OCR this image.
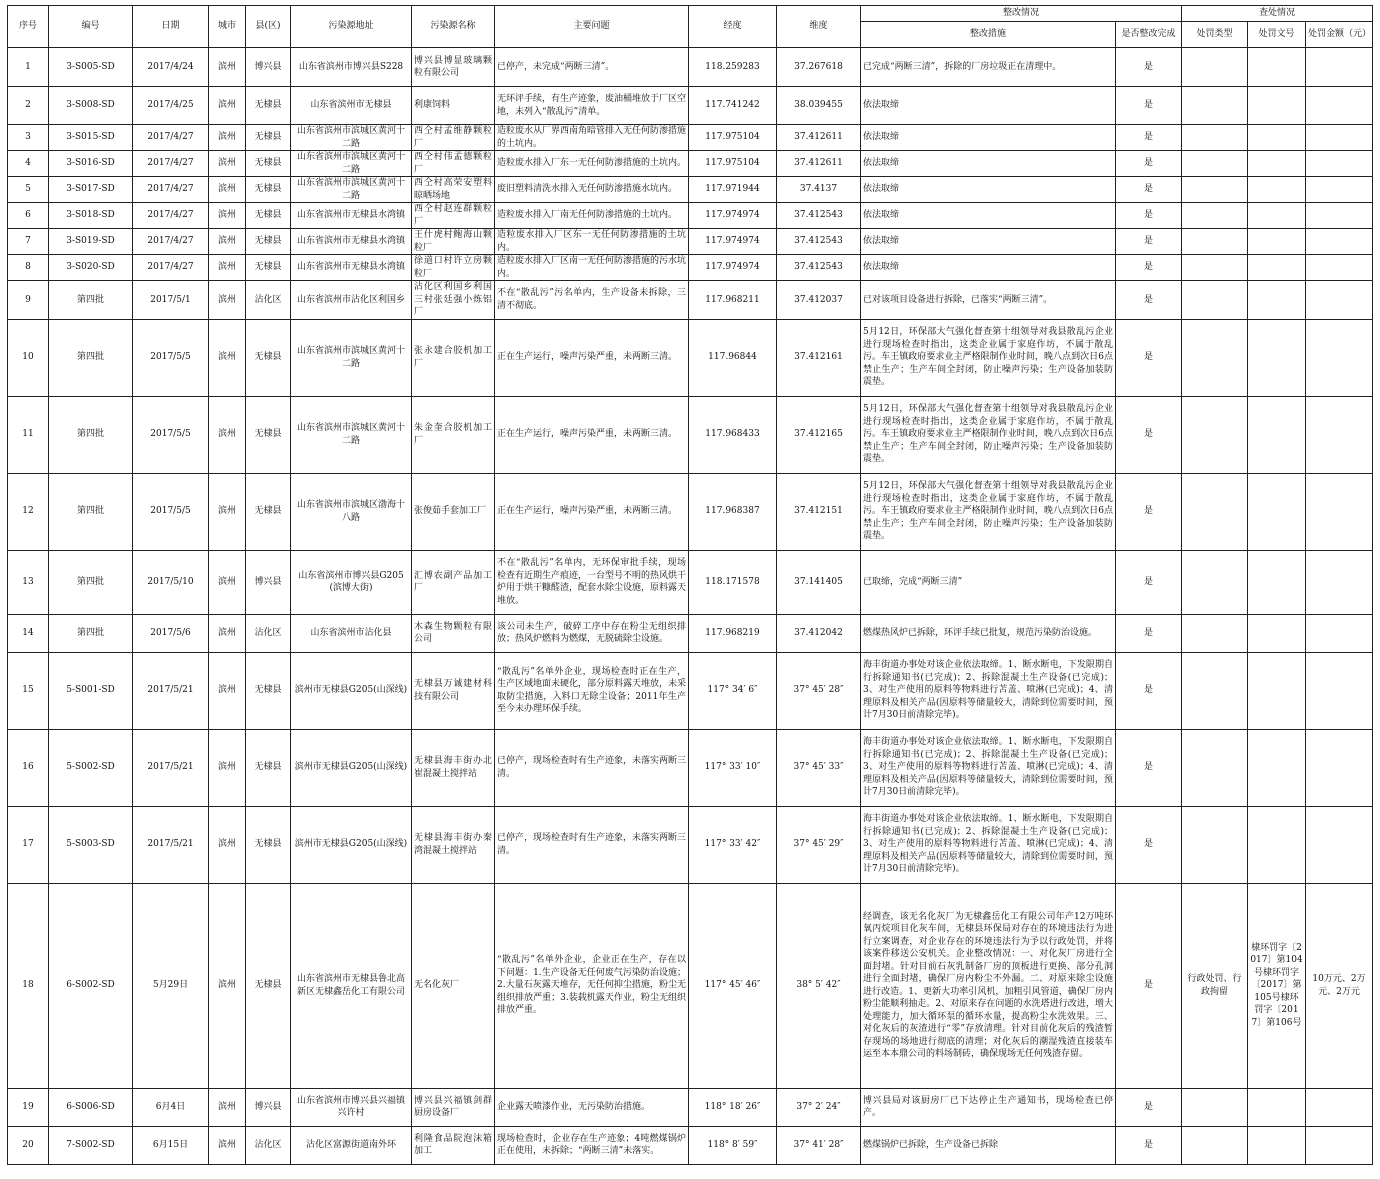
序号	编号	日期	城市	县(区)	污染源地址	污染源名称	主要问题	经度	维度	整改情况		查处情况		
										整改措施	是否整改完成	处罚类型	处罚文号	处罚金额（元）
1	3-S005-SD	2017/4/24	滨州	博兴县	山东省滨州市博兴县S228	博兴县博显玻璃颗粒有限公司	已停产，未完成“两断三清”。	118.259283	37.267618	已完成“两断三清”，拆除的厂房垃圾正在清理中。	是			
2	3-S008-SD	2017/4/25	滨州	无棣县	山东省滨州市无棣县	利康饲料	无环评手续，有生产迹象，废油桶堆放于厂区空地，未列入“散乱污”清单。	117.741242	38.039455	依法取缔	是			
3	3-S015-SD	2017/4/27	滨州	无棣县	山东省滨州市滨城区黄河十二路	西仝村孟维静颗粒厂	造粒废水从厂界西南角暗管排入无任何防渗措施的土坑内。	117.975104	37.412611	依法取缔	是			
4	3-S016-SD	2017/4/27	滨州	无棣县	山东省滨州市滨城区黄河十二路	西仝村伟孟德颗粒厂	造粒废水排入厂东一无任何防渗措施的土坑内。	117.975104	37.412611	依法取缔	是			
5	3-S017-SD	2017/4/27	滨州	无棣县	山东省滨州市滨城区黄河十二路	西仝村高荣安塑料晾晒场地	废旧塑料清洗水排入无任何防渗措施水坑内。	117.971944	37.4137	依法取缔	是			
6	3-S018-SD	2017/4/27	滨州	无棣县	山东省滨州市无棣县水湾镇	西仝村赵连群颗粒厂	造粒废水排入厂南无任何防渗措施的土坑内。	117.974974	37.412543	依法取缔	是			
7	3-S019-SD	2017/4/27	滨州	无棣县	山东省滨州市无棣县水湾镇	王什虎村鲍海山颗粒厂	造粒废水排入厂区东一无任何防渗措施的土坑内。	117.974974	37.412543	依法取缔	是			
8	3-S020-SD	2017/4/27	滨州	无棣县	山东省滨州市无棣县水湾镇	徐道口村许立房颗粒厂	造粒废水排入厂区南一无任何防渗措施的污水坑内。	117.974974	37.412543	依法取缔	是			
9	第四批	2017/5/1	滨州	沾化区	山东省滨州市沾化区利国乡	沾化区利国乡利国三村张廷强小炼铝厂	不在“散乱污”污名单内，生产设备未拆除，三清不彻底。	117.968211	37.412037	已对该项目设备进行拆除，已落实“两断三清”。	是			
10	第四批	2017/5/5	滨州	无棣县	山东省滨州市滨城区黄河十二路	张永建合胶机加工厂	正在生产运行，噪声污染严重，未两断三清。	117.96844	37.412161	5月12日，环保部大气强化督查第十组领导对我县散乱污企业进行现场检查时指出，这类企业属于家庭作坊，不属于散乱污。车王镇政府要求业主严格限制作业时间，晚八点到次日6点禁止生产；生产车间全封闭，防止噪声污染；生产设备加装防震垫。	是			
11	第四批	2017/5/5	滨州	无棣县	山东省滨州市滨城区黄河十二路	朱金奎合胶机加工厂	正在生产运行，噪声污染严重，未两断三清。	117.968433	37.412165	5月12日，环保部大气强化督查第十组领导对我县散乱污企业进行现场检查时指出，这类企业属于家庭作坊，不属于散乱污。车王镇政府要求业主严格限制作业时间，晚八点到次日6点禁止生产；生产车间全封闭，防止噪声污染；生产设备加装防震垫。	是			
12	第四批	2017/5/5	滨州	无棣县	山东省滨州市滨城区渤海十八路	张俊茹手套加工厂	正在生产运行，噪声污染严重，未两断三清。	117.968387	37.412151	5月12日，环保部大气强化督查第十组领导对我县散乱污企业进行现场检查时指出，这类企业属于家庭作坊，不属于散乱污。车王镇政府要求业主严格限制作业时间，晚八点到次日6点禁止生产；生产车间全封闭，防止噪声污染；生产设备加装防震垫。	是			
13	第四批	2017/5/10	滨州	博兴县	山东省滨州市博兴县G205(滨博大街)	汇博农副产品加工厂	不在“散乱污”名单内，无环保审批手续，现场检查有近期生产痕迹，一台型号不明的热风烘干炉用于烘干糠醛渣，配套水除尘设施，原料露天堆放。	118.171578	37.141405	已取缔，完成“两断三清”	是			
14	第四批	2017/5/6	滨州	沾化区	山东省滨州市沾化县	木森生物颗粒有限公司	该公司未生产，破碎工序中存在粉尘无组织排放；热风炉燃料为燃煤，无脱硫除尘设施。	117.968219	37.412042	燃煤热风炉已拆除，环评手续已批复，规范污染防治设施。	是			
15	5-S001-SD	2017/5/21	滨州	无棣县	滨州市无棣县G205(山深线)	无棣县万诚建材科技有限公司	“散乱污”名单外企业，现场检查时正在生产，生产区域地面未硬化，部分原料露天堆放，未采取防尘措施，入料口无除尘设备；2011年生产至今未办理环保手续。	117° 34′ 6″	37° 45′ 28″	海丰街道办事处对该企业依法取缔。1、断水断电，下发限期自行拆除通知书(已完成)；2、拆除混凝土生产设备(已完成)；3、对生产使用的原料等物料进行苫盖、喷淋(已完成)；4、清理原料及相关产品(因原料等储量较大，清除到位需要时间，预计7月30日前清除完毕)。	是			
16	5-S002-SD	2017/5/21	滨州	无棣县	滨州市无棣县G205(山深线)	无棣县海丰街办北崔混凝土搅拌站	已停产，现场检查时有生产迹象，未落实两断三清。	117° 33′ 10″	37° 45′ 33″	海丰街道办事处对该企业依法取缔。1、断水断电，下发限期自行拆除通知书(已完成)；2、拆除混凝土生产设备(已完成)；3、对生产使用的原料等物料进行苫盖、喷淋(已完成)；4、清理原料及相关产品(因原料等储量较大，清除到位需要时间，预计7月30日前清除完毕)。	是			
17	5-S003-SD	2017/5/21	滨州	无棣县	滨州市无棣县G205(山深线)	无棣县海丰街办秦湾混凝土搅拌站	已停产，现场检查时有生产迹象，未落实两断三清。	117° 33′ 42″	37° 45′ 29″	海丰街道办事处对该企业依法取缔。1、断水断电，下发限期自行拆除通知书(已完成)；2、拆除混凝土生产设备(已完成)；3、对生产使用的原料等物料进行苫盖、喷淋(已完成)；4、清理原料及相关产品(因原料等储量较大，清除到位需要时间，预计7月30日前清除完毕)。	是			
18	6-S002-SD	5月29日	滨州	无棣县	山东省滨州市无棣县鲁北高新区无棣鑫岳化工有限公司	无名化灰厂	“散乱污”名单外企业，企业正在生产，存在以下问题：1.生产设备无任何废气污染防治设施；2.大量石灰露天堆存，无任何抑尘措施，粉尘无组织排放严重；3.装载机露天作业，粉尘无组织排放严重。	117° 45′ 46″	38° 5′ 42″	经调查，该无名化灰厂为无棣鑫岳化工有限公司年产12万吨环氧丙烷项目化灰车间，无棣县环保局对存在的环境违法行为进行立案调查，对企业存在的环境违法行为予以行政处罚，并将该案件移送公安机关。企业整改情况：一、对化灰厂房进行全面封堵。针对目前石灰乳制备厂房的顶板进行更换、部分孔洞进行全面封堵，确保厂房内粉尘不外漏。二、对原来除尘设施进行改造。1、更新大功率引风机，加粗引风管道，确保厂房内粉尘能顺利抽走。2、对原来存在问题的水洗塔进行改进，增大处理能力，加大循环泵的循环水量，提高粉尘水洗效果。三、对化灰后的灰渣进行“零”存放清理。针对目前化灰后的残渣暂存现场的场地进行彻底的清理；对化灰后的潮湿残渣直接装车运至本本鼎公司的料场制砖，确保现场无任何残渣存留。	是	行政处罚、行政拘留	棣环罚字〔2017〕第104号棣环罚字〔2017〕第105号棣环罚字〔2017〕第106号	10万元、2万元、2万元
19	6-S006-SD	6月4日	滨州	博兴县	山东省滨州市博兴县兴福镇兴许村	博兴县兴福镇剑群厨房设备厂	企业露天喷漆作业，无污染防治措施。	118° 18′ 26″	37° 2′ 24″	博兴县局对该厨房厂已下达停止生产通知书，现场检查已停产。	是			
20	7-S002-SD	6月15日	滨州	沾化区	沾化区富源街道南外环	利隆食品院泡沫箱加工	现场检查时，企业存在生产迹象；4吨燃煤锅炉正在使用，未拆除；“两断三清”未落实。	118° 8′ 59″	37° 41′ 28″	燃煤锅炉已拆除，生产设备已拆除	是			
